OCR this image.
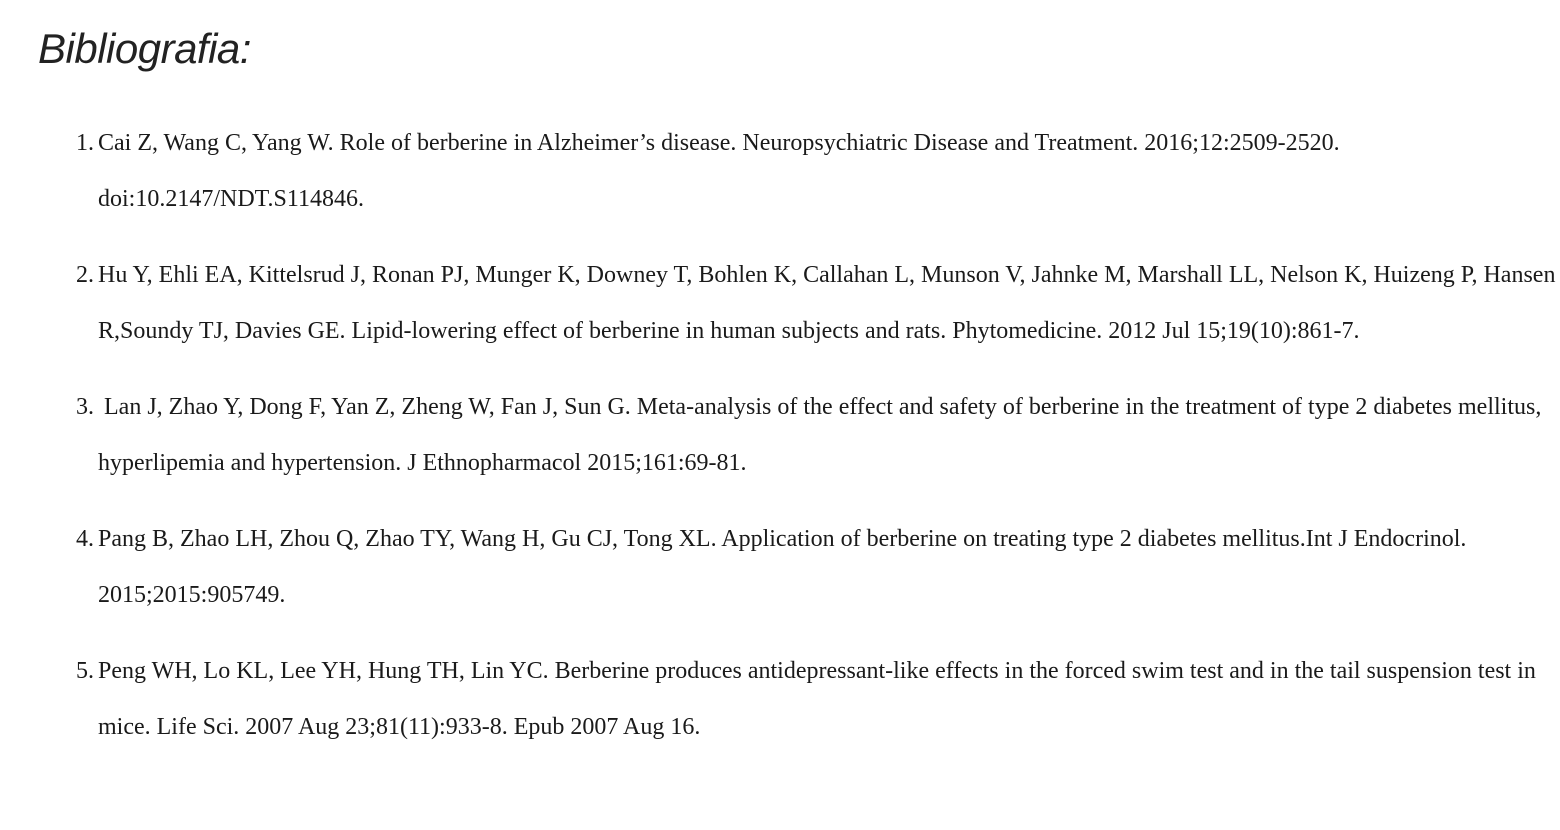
Bibliografia:
1. Cai Z, Wang C, Yang W. Role of berberine in Alzheimer’s disease. Neuropsychiatric Disease and Treatment. 2016;12:2509-2520. doi:10.2147/NDT.S114846.
2. Hu Y, Ehli EA, Kittelsrud J, Ronan PJ, Munger K, Downey T, Bohlen K, Callahan L, Munson V, Jahnke M, Marshall LL, Nelson K, Huizeng P, Hansen R,Soundy TJ, Davies GE. Lipid-lowering effect of berberine in human subjects and rats. Phytomedicine. 2012 Jul 15;19(10):861-7.
3. Lan J, Zhao Y, Dong F, Yan Z, Zheng W, Fan J, Sun G. Meta-analysis of the effect and safety of berberine in the treatment of type 2 diabetes mellitus, hyperlipemia and hypertension. J Ethnopharmacol 2015;161:69-81.
4. Pang B, Zhao LH, Zhou Q, Zhao TY, Wang H, Gu CJ, Tong XL. Application of berberine on treating type 2 diabetes mellitus.Int J Endocrinol. 2015;2015:905749.
5. Peng WH, Lo KL, Lee YH, Hung TH, Lin YC. Berberine produces antidepressant-like effects in the forced swim test and in the tail suspension test in mice. Life Sci. 2007 Aug 23;81(11):933-8. Epub 2007 Aug 16.
